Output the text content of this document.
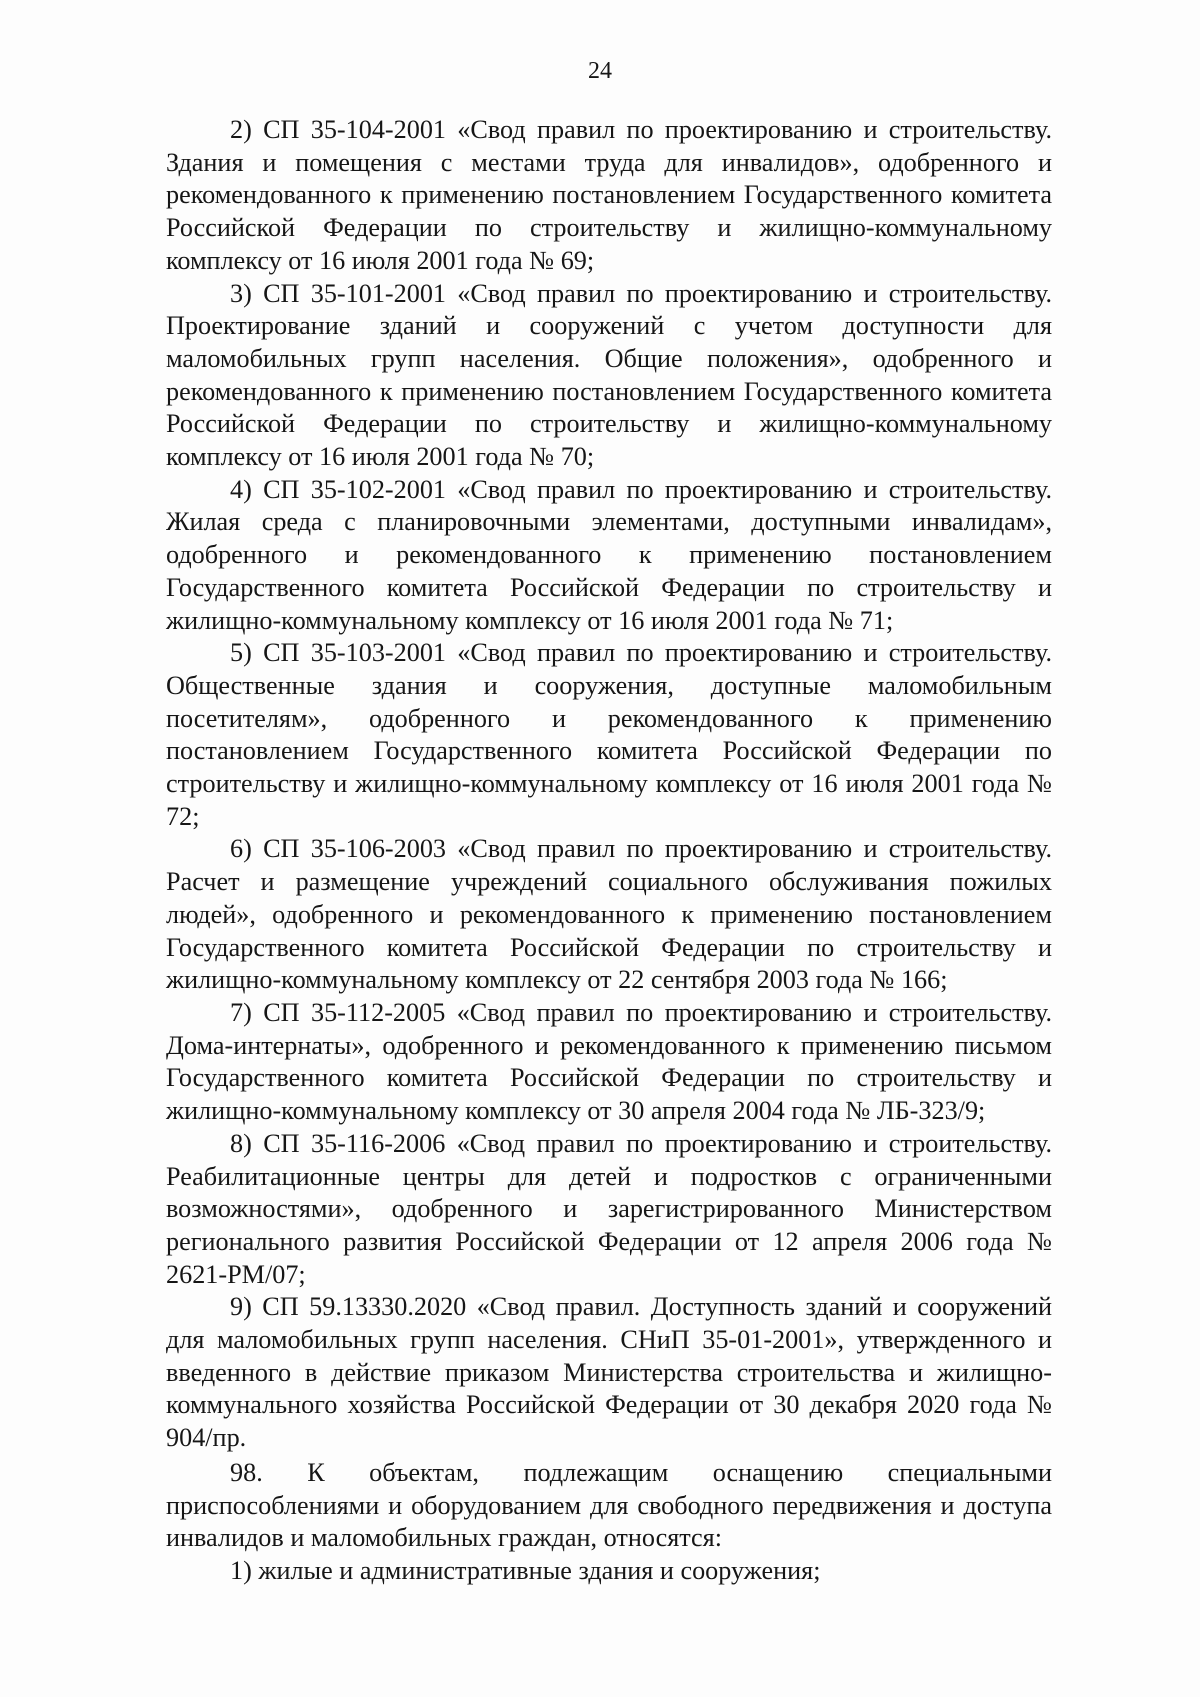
24

2) СП 35-104-2001 «Свод правил по проектированию и строительству. Здания и помещения с местами труда для инвалидов», одобренного и рекомендованного к применению постановлением Государственного комитета Российской Федерации по строительству и жилищно-коммунальному комплексу от 16 июля 2001 года № 69;

3) СП 35-101-2001 «Свод правил по проектированию и строительству. Проектирование зданий и сооружений с учетом доступности для маломобильных групп населения. Общие положения», одобренного и рекомендованного к применению постановлением Государственного комитета Российской Федерации по строительству и жилищно-коммунальному комплексу от 16 июля 2001 года № 70;

4) СП 35-102-2001 «Свод правил по проектированию и строительству. Жилая среда с планировочными элементами, доступными инвалидам», одобренного и рекомендованного к применению постановлением Государственного комитета Российской Федерации по строительству и жилищно-коммунальному комплексу от 16 июля 2001 года № 71;

5) СП 35-103-2001 «Свод правил по проектированию и строительству. Общественные здания и сооружения, доступные маломобильным посетителям», одобренного и рекомендованного к применению постановлением Государственного комитета Российской Федерации по строительству и жилищно-коммунальному комплексу от 16 июля 2001 года № 72;

6) СП 35-106-2003 «Свод правил по проектированию и строительству. Расчет и размещение учреждений социального обслуживания пожилых людей», одобренного и рекомендованного к применению постановлением Государственного комитета Российской Федерации по строительству и жилищно-коммунальному комплексу от 22 сентября 2003 года № 166;

7) СП 35-112-2005 «Свод правил по проектированию и строительству. Дома-интернаты», одобренного и рекомендованного к применению письмом Государственного комитета Российской Федерации по строительству и жилищно-коммунальному комплексу от 30 апреля 2004 года № ЛБ-323/9;

8) СП 35-116-2006 «Свод правил по проектированию и строительству. Реабилитационные центры для детей и подростков с ограниченными возможностями», одобренного и зарегистрированного Министерством регионального развития Российской Федерации от 12 апреля 2006 года № 2621-РМ/07;

9) СП 59.13330.2020 «Свод правил. Доступность зданий и сооружений для маломобильных групп населения. СНиП 35-01-2001», утвержденного и введенного в действие приказом Министерства строительства и жилищно-коммунального хозяйства Российской Федерации от 30 декабря 2020 года № 904/пр.

98. К объектам, подлежащим оснащению специальными приспособлениями и оборудованием для свободного передвижения и доступа инвалидов и маломобильных граждан, относятся:

1) жилые и административные здания и сооружения;
